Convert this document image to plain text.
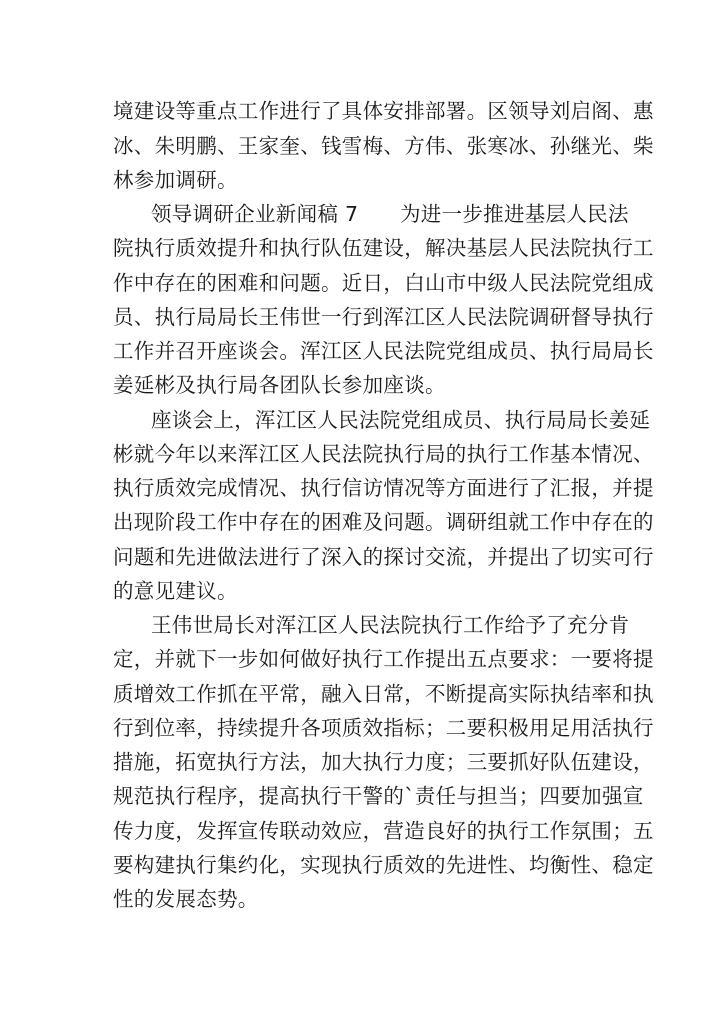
境建设等重点工作进行了具体安排部署。区领导刘启阁、惠
冰、朱明鹏、王家奎、钱雪梅、方伟、张寒冰、孙继光、柴
林参加调研。
领导调研企业新闻稿 7　　为进一步推进基层人民法
院执行质效提升和执行队伍建设，解决基层人民法院执行工
作中存在的困难和问题。近日，白山市中级人民法院党组成
员、执行局局长王伟世一行到浑江区人民法院调研督导执行
工作并召开座谈会。浑江区人民法院党组成员、执行局局长
姜延彬及执行局各团队长参加座谈。
座谈会上，浑江区人民法院党组成员、执行局局长姜延
彬就今年以来浑江区人民法院执行局的执行工作基本情况、
执行质效完成情况、执行信访情况等方面进行了汇报，并提
出现阶段工作中存在的困难及问题。调研组就工作中存在的
问题和先进做法进行了深入的探讨交流，并提出了切实可行
的意见建议。
王伟世局长对浑江区人民法院执行工作给予了充分肯
定，并就下一步如何做好执行工作提出五点要求：一要将提
质增效工作抓在平常，融入日常，不断提高实际执结率和执
行到位率，持续提升各项质效指标；二要积极用足用活执行
措施，拓宽执行方法，加大执行力度；三要抓好队伍建设，
规范执行程序，提高执行干警的`责任与担当；四要加强宣
传力度，发挥宣传联动效应，营造良好的执行工作氛围；五
要构建执行集约化，实现执行质效的先进性、均衡性、稳定
性的发展态势。
